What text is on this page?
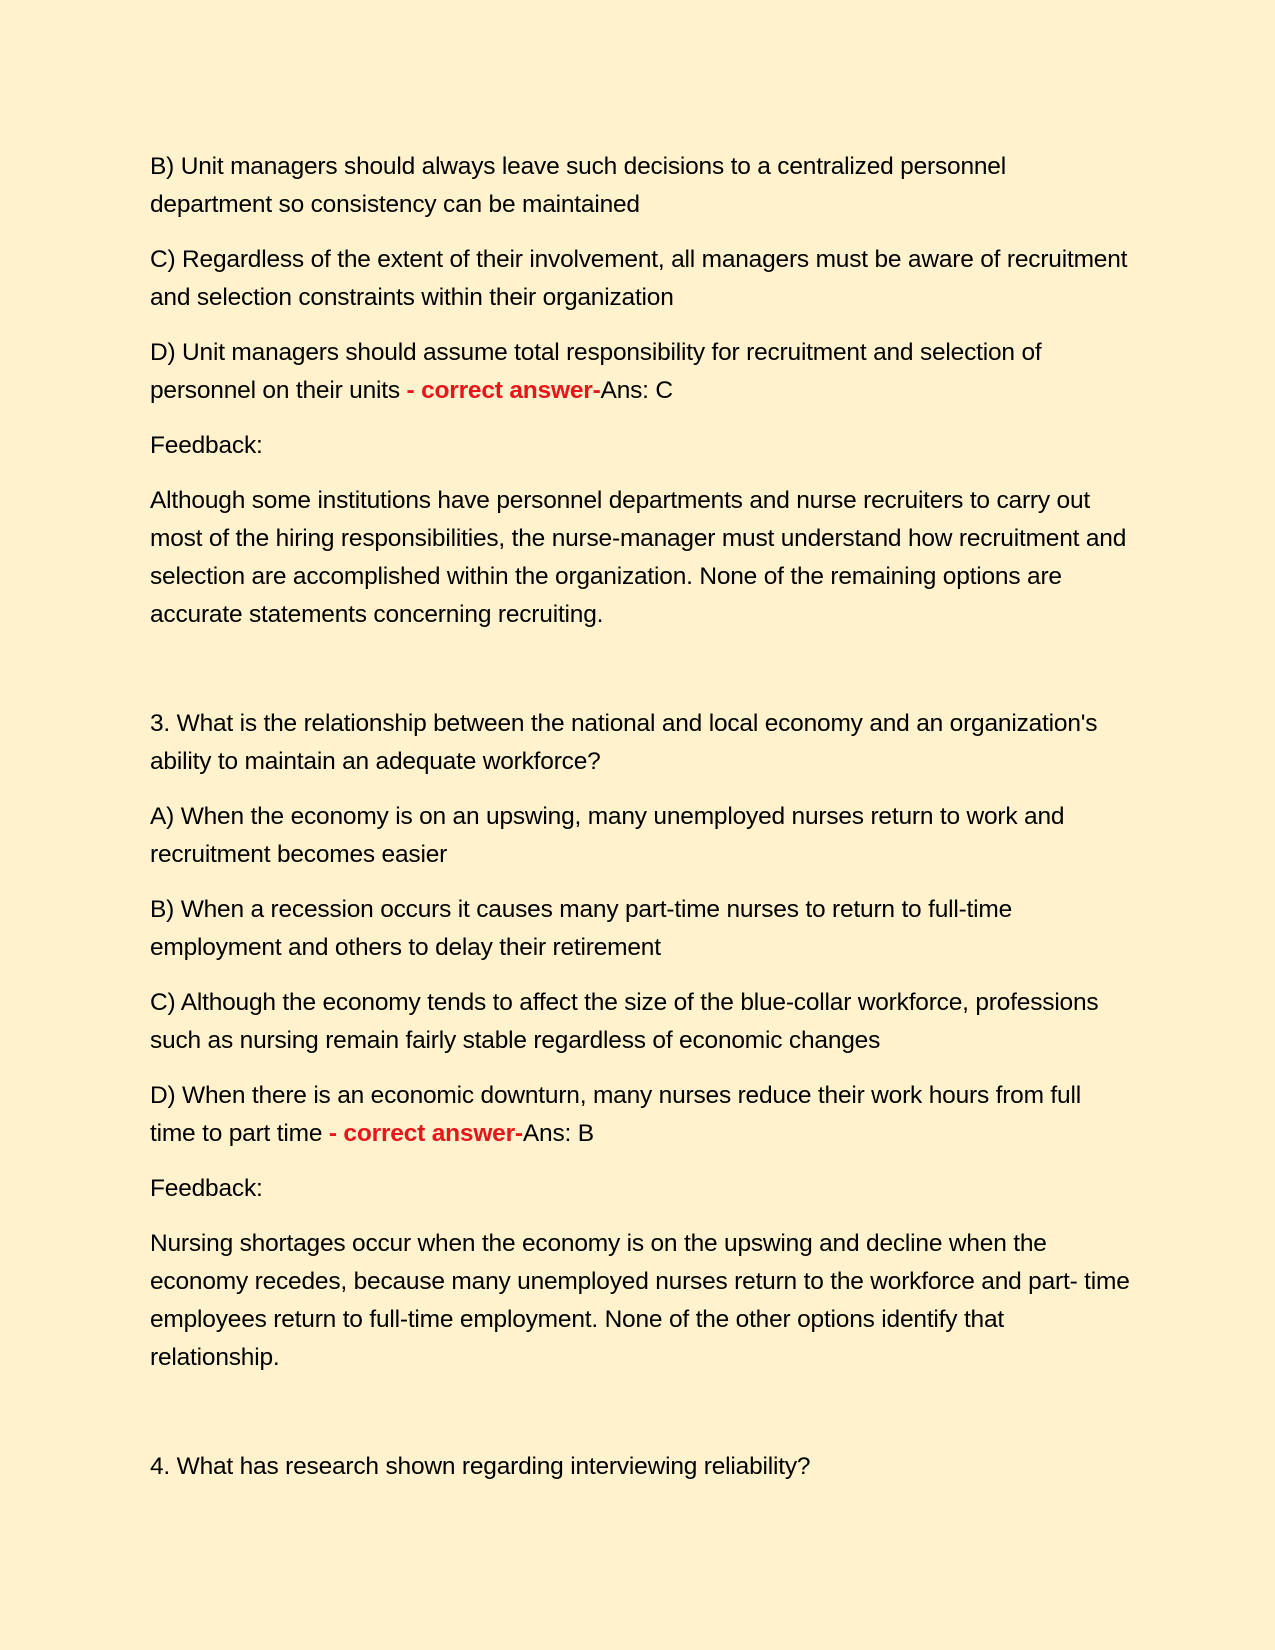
B) Unit managers should always leave such decisions to a centralized personnel department so consistency can be maintained

C) Regardless of the extent of their involvement, all managers must be aware of recruitment and selection constraints within their organization

D) Unit managers should assume total responsibility for recruitment and selection of personnel on their units - correct answer-Ans: C

Feedback:

Although some institutions have personnel departments and nurse recruiters to carry out most of the hiring responsibilities, the nurse-manager must understand how recruitment and selection are accomplished within the organization. None of the remaining options are accurate statements concerning recruiting.

3. What is the relationship between the national and local economy and an organization's ability to maintain an adequate workforce?

A) When the economy is on an upswing, many unemployed nurses return to work and recruitment becomes easier

B) When a recession occurs it causes many part-time nurses to return to full-time employment and others to delay their retirement

C) Although the economy tends to affect the size of the blue-collar workforce, professions such as nursing remain fairly stable regardless of economic changes

D) When there is an economic downturn, many nurses reduce their work hours from full time to part time - correct answer-Ans: B

Feedback:

Nursing shortages occur when the economy is on the upswing and decline when the economy recedes, because many unemployed nurses return to the workforce and part- time employees return to full-time employment. None of the other options identify that relationship.

4. What has research shown regarding interviewing reliability?
